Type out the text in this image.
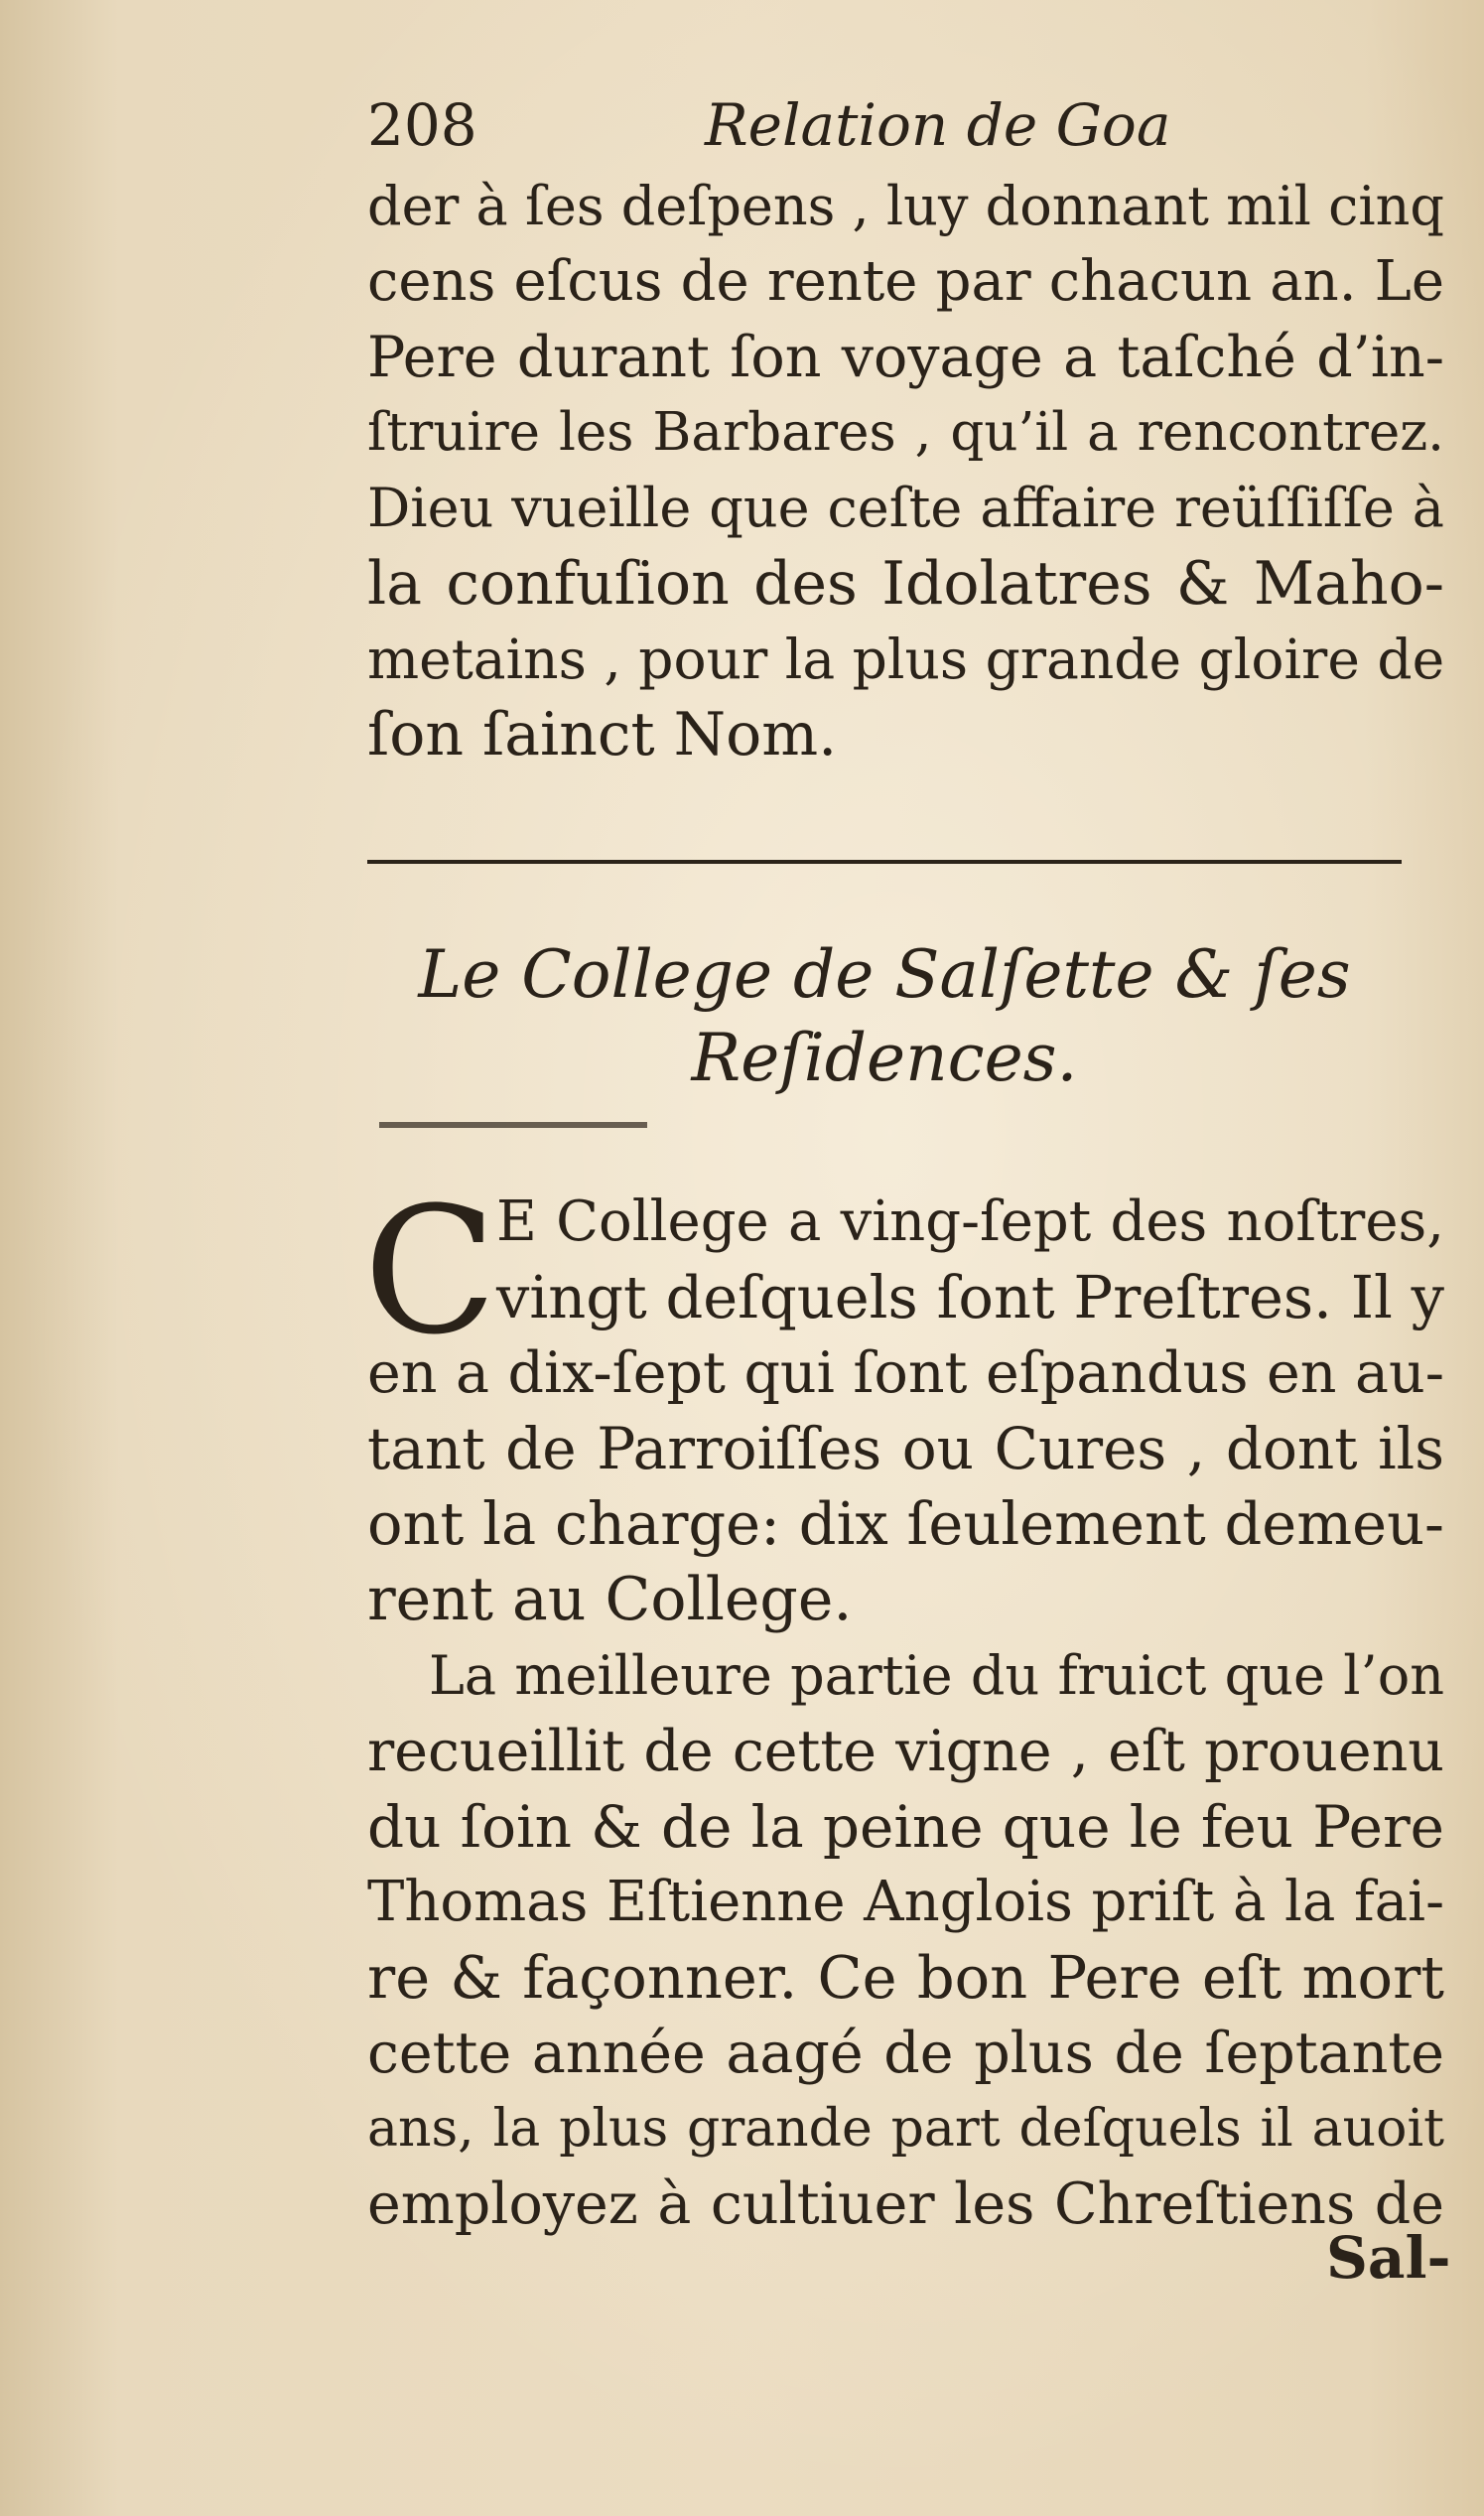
208	Relation de Goa
der à ſes deſpens , luy donnant mil cinq
cens eſcus de rente par chacun an. Le
Pere durant ſon voyage a taſché d’in-
ſtruire les Barbares , qu’il a rencontrez.
Dieu vueille que ceſte affaire reüſſiſſe à
la confuſion des Idolatres & Maho-
metains , pour la plus grande gloire de
ſon ſainct Nom.
Le College de Salſette & ſes
Reſidences.
C E College a ving-ſept des noſtres,
vingt deſquels ſont Preſtres. Il y
en a dix-ſept qui ſont eſpandus en au-
tant de Parroiſſes ou Cures , dont ils
ont la charge: dix ſeulement demeu-
rent au College.
La meilleure partie du fruict que l’on
recueillit de cette vigne , eſt prouenu
du ſoin & de la peine que le feu Pere
Thomas Eſtienne Anglois priſt à la fai-
re & façonner. Ce bon Pere eſt mort
cette année aagé de plus de ſeptante
ans, la plus grande part deſquels il auoit
employez à cultiuer les Chreſtiens de
Sal-
